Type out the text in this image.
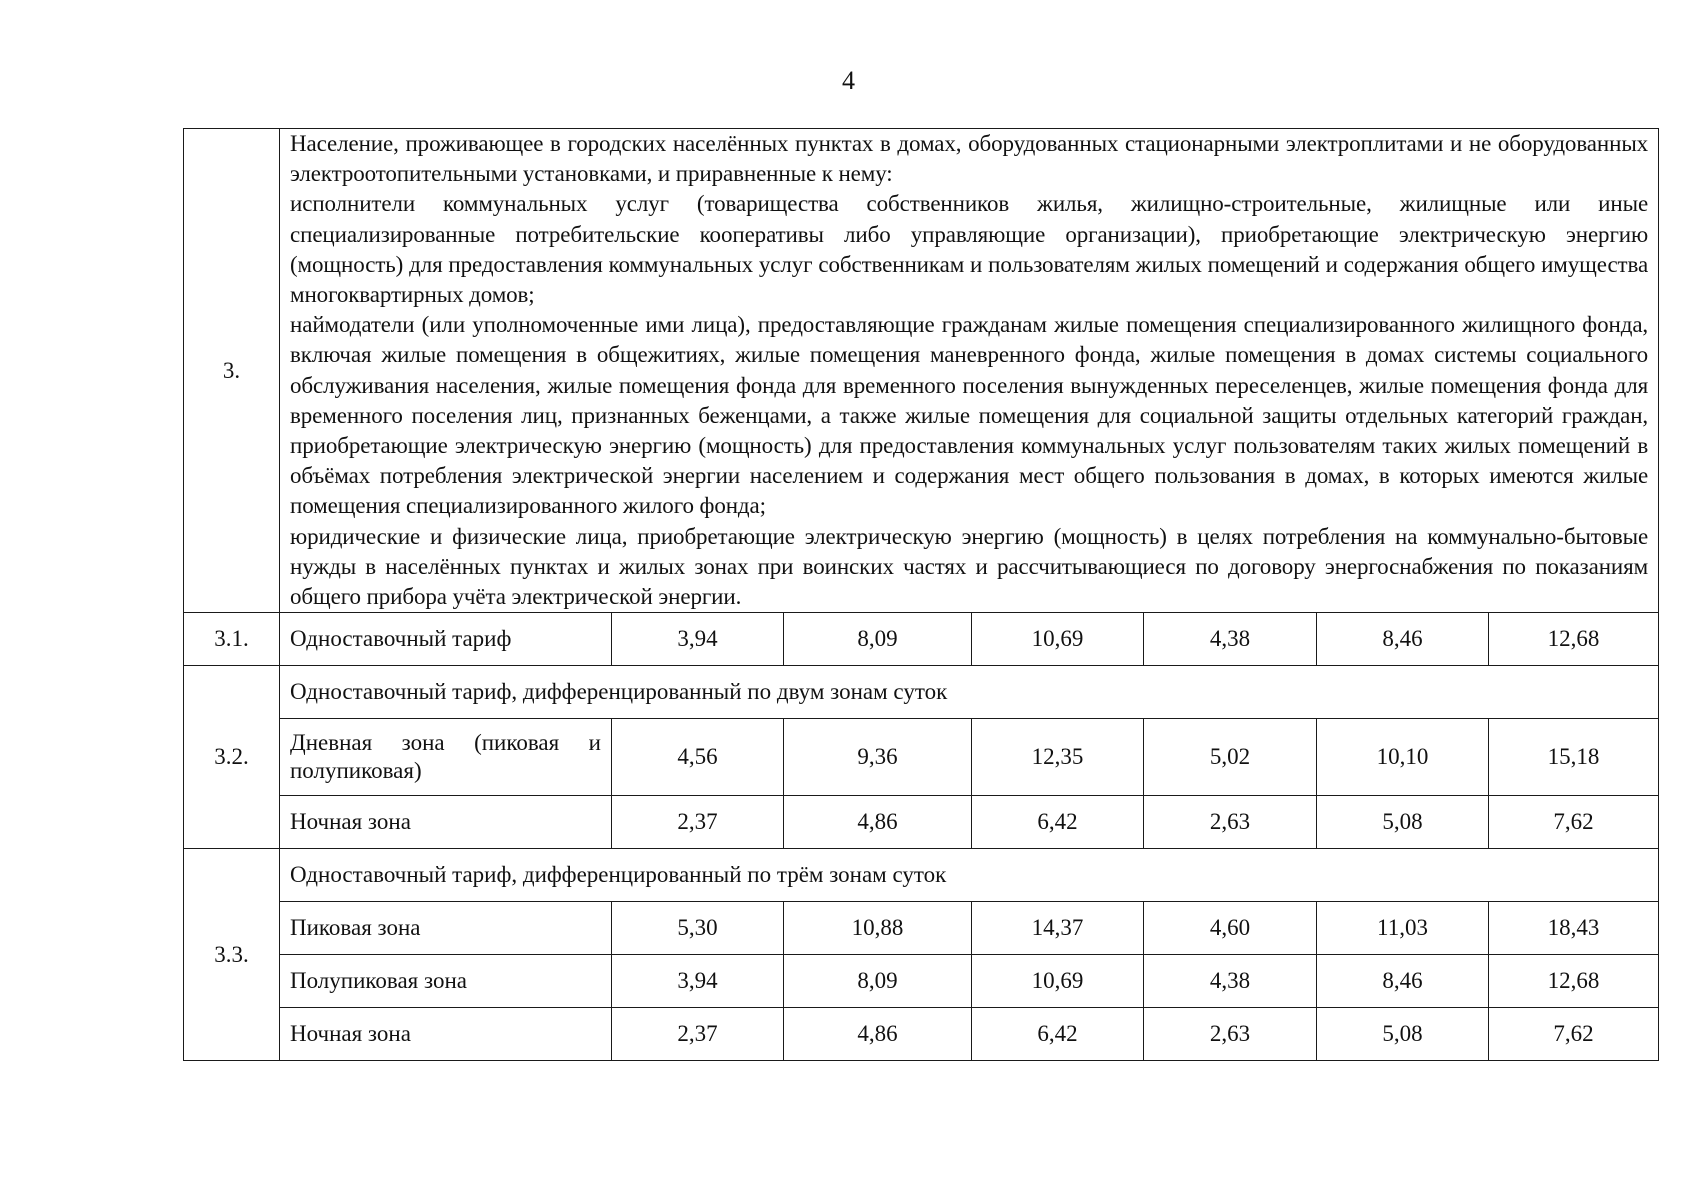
4
3.	Население, проживающее в городских населённых пунктах в домах, оборудованных стационарными электроплитами и не оборудованных электроотопительными установками, и приравненные к нему:

исполнители коммунальных услуг (товарищества собственников жилья, жилищно-строительные, жилищные или иные специализированные потребительские кооперативы либо управляющие организации), приобретающие электрическую энергию (мощность) для предоставления коммунальных услуг собственникам и пользователям жилых помещений и содержания общего имущества многоквартирных домов;

наймодатели (или уполномоченные ими лица), предоставляющие гражданам жилые помещения специализированного жилищного фонда, включая жилые помещения в общежитиях, жилые помещения маневренного фонда, жилые помещения в домах системы социального обслуживания населения, жилые помещения фонда для временного поселения вынужденных переселенцев, жилые помещения фонда для временного поселения лиц, признанных беженцами, а также жилые помещения для социальной защиты отдельных категорий граждан, приобретающие электрическую энергию (мощность) для предоставления коммунальных услуг пользователям таких жилых помещений в объёмах потребления электрической энергии населением и содержания мест общего пользования в домах, в которых имеются жилые помещения специализированного жилого фонда;

юридические и физические лица, приобретающие электрическую энергию (мощность) в целях потребления на коммунально-бытовые нужды в населённых пунктах и жилых зонах при воинских частях и рассчитывающиеся по договору энергоснабжения по показаниям общего прибора учёта электрической энергии.						

3.1.	Одноставочный тариф	3,94	8,09	10,69	4,38	8,46	12,68
3.2.	Одноставочный тариф, дифференцированный по двум зонам суток						
	Дневная зона (пиковая и полупиковая)	4,56	9,36	12,35	5,02	10,10	15,18
	Ночная зона	2,37	4,86	6,42	2,63	5,08	7,62
3.3.	Одноставочный тариф, дифференцированный по трём зонам суток						
	Пиковая зона	5,30	10,88	14,37	4,60	11,03	18,43
	Полупиковая зона	3,94	8,09	10,69	4,38	8,46	12,68
	Ночная зона	2,37	4,86	6,42	2,63	5,08	7,62
